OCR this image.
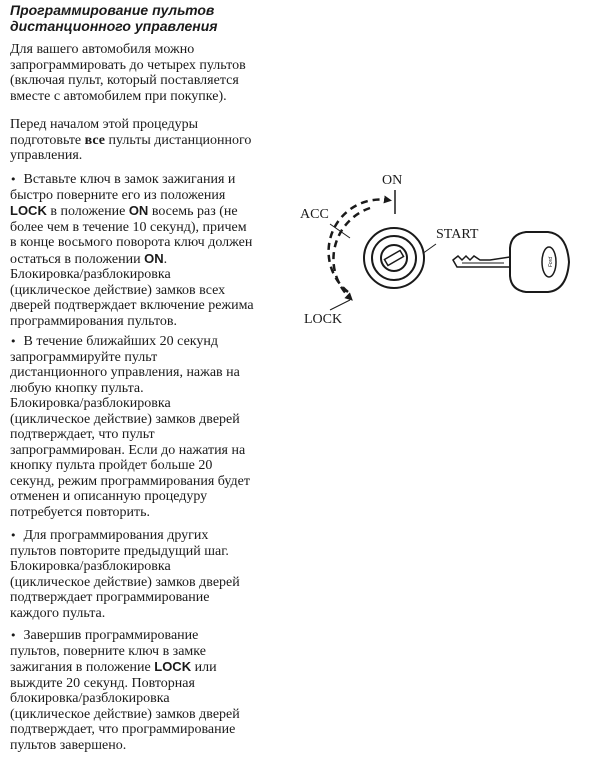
Программирование пультов
дистанционного управления

Для вашего автомобиля можно
запрограммировать до четырех пультов
(включая пульт, который поставляется
вместе с автомобилем при покупке).

Перед началом этой процедуры
подготовьте все пульты дистанционного
управления.

• Вставьте ключ в замок зажигания и
быстро поверните его из положения
LOCK в положение ON восемь раз (не
более чем в течение 10 секунд), причем
в конце восьмого поворота ключ должен
остаться в положении ON.
Блокировка/разблокировка
(циклическое действие) замков всех
дверей подтверждает включение режима
программирования пультов.

• В течение ближайших 20 секунд
запрограммируйте пульт
дистанционного управления, нажав на
любую кнопку пульта.
Блокировка/разблокировка
(циклическое действие) замков дверей
подтверждает, что пульт
запрограммирован. Если до нажатия на
кнопку пульта пройдет больше 20
секунд, режим программирования будет
отменен и описанную процедуру
потребуется повторить.

• Для программирования других
пультов повторите предыдущий шаг.
Блокировка/разблокировка
(циклическое действие) замков дверей
подтверждает программирование
каждого пульта.

• Завершив программирование
пультов, поверните ключ в замке
зажигания в положение LOCK или
выждите 20 секунд. Повторная
блокировка/разблокировка
(циклическое действие) замков дверей
подтверждает, что программирование
пультов завершено.

ON
ACC
START
LOCK
Ford
